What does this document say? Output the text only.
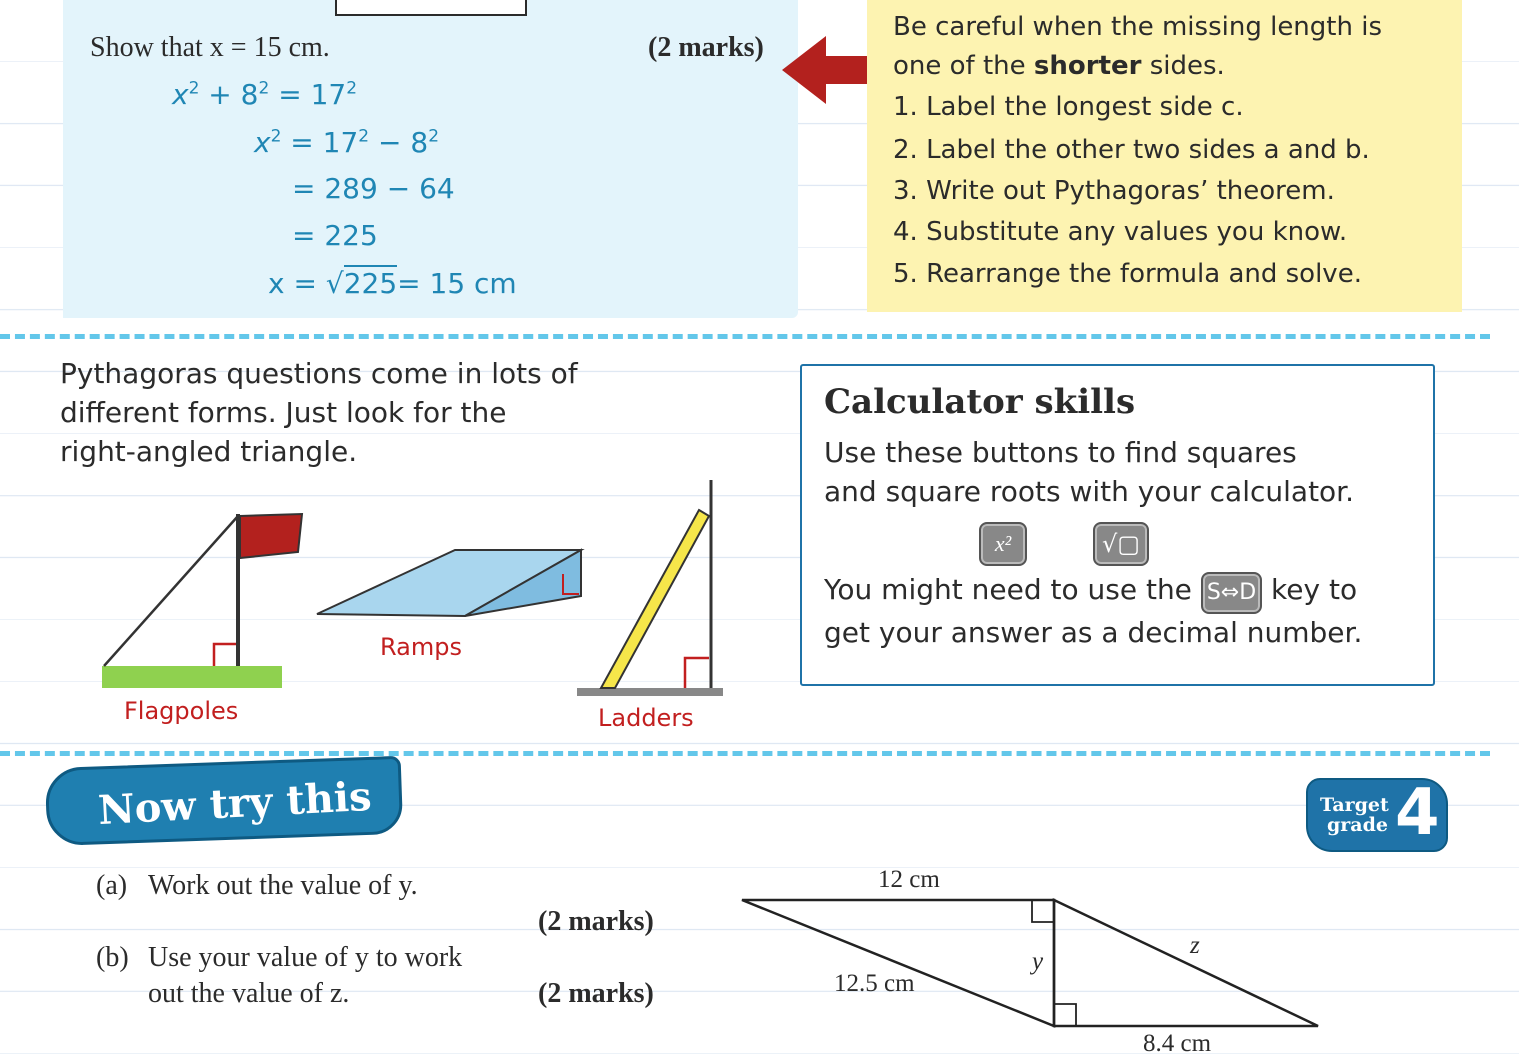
Show that x = 15 cm.	(2 marks)
$x^2 + 8^2 = 17^2$
$x^2 = 17^2 - 8^2$
= 289 − 64
= 225
x = √225= 15 cm
Be careful when the missing length is
one of the shorter sides.
1. Label the longest side c.
2. Label the other two sides a and b.
3. Write out Pythagoras’ theorem.
4. Substitute any values you know.
5. Rearrange the formula and solve.
Pythagoras questions come in lots of
different forms. Just look for the
right-angled triangle.
Flagpoles
Ramps
Ladders
Calculator skills
Use these buttons to find squares
and square roots with your calculator.
x²	√▢
You might need to use the S⇔D key to
get your answer as a decimal number.
Now try this	Target
grade 4
(a) Work out the value of y.
(2 marks)
(b) Use your value of y to work
out the value of z.	(2 marks)
12 cm
12.5 cm
y
z
8.4 cm
